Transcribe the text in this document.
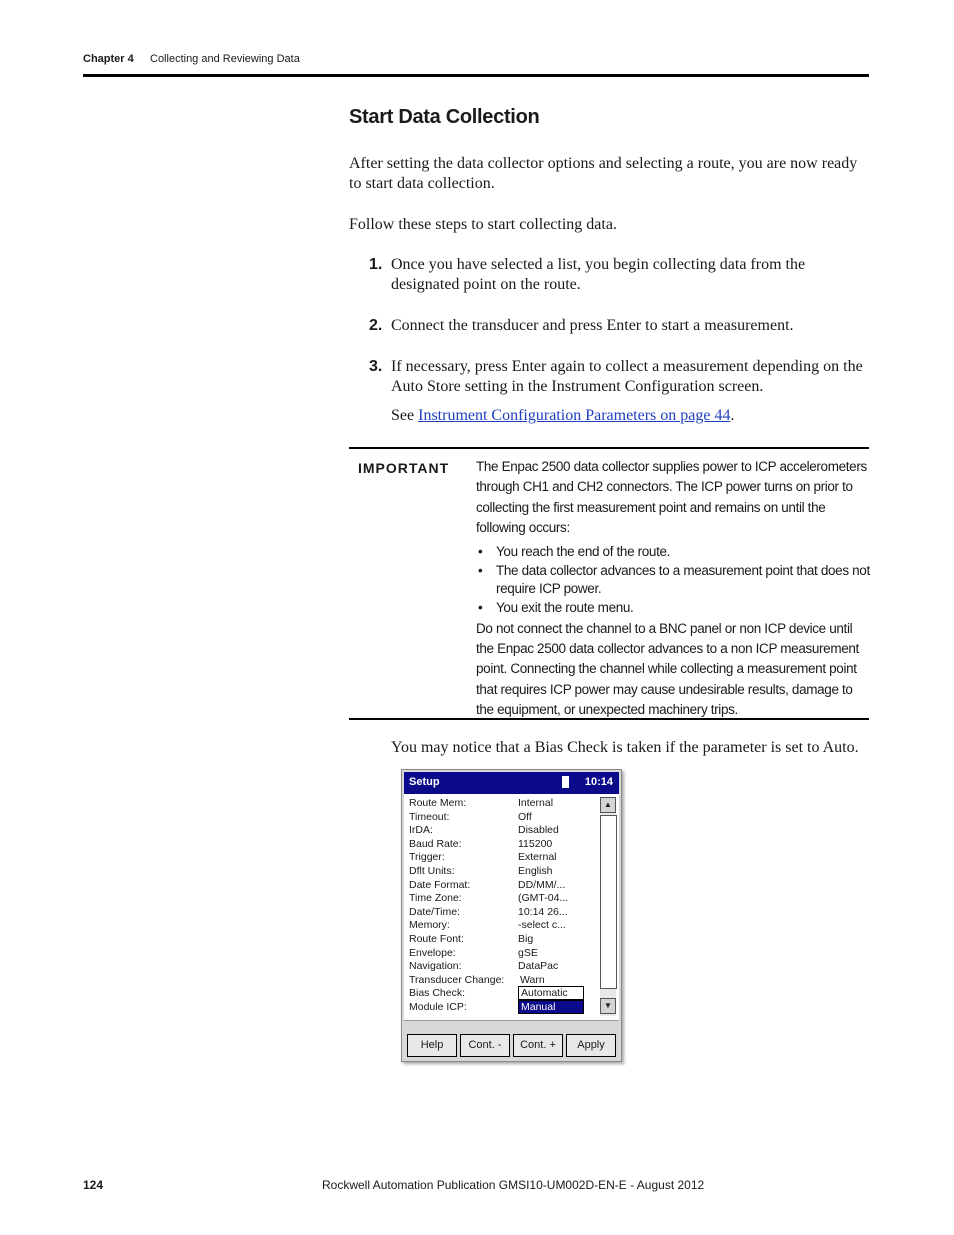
Chapter 4 Collecting and Reviewing Data
Start Data Collection

After setting the data collector options and selecting a route, you are now ready to start data collection.

Follow these steps to start collecting data.

1. Once you have selected a list, you begin collecting data from the designated point on the route.
2. Connect the transducer and press Enter to start a measurement.
3. If necessary, press Enter again to collect a measurement depending on the Auto Store setting in the Instrument Configuration screen.
See Instrument Configuration Parameters on page 44.
IMPORTANT The Enpac 2500 data collector supplies power to ICP accelerometers through CH1 and CH2 connectors. The ICP power turns on prior to collecting the first measurement point and remains on until the following occurs:

• You reach the end of the route.
• The data collector advances to a measurement point that does not require ICP power.
• You exit the route menu.

Do not connect the channel to a BNC panel or non ICP device until the Enpac 2500 data collector advances to a non ICP measurement point. Connecting the channel while collecting a measurement point that requires ICP power may cause undesirable results, damage to the equipment, or unexpected machinery trips.

You may notice that a Bias Check is taken if the parameter is set to Auto.

Setup	10:14
Route Mem:	Internal
Timeout:	Off
IrDA:	Disabled
Baud Rate:	115200
Trigger:	External
Dflt Units:	English
Date Format:	DD/MM/...
Time Zone:	(GMT-04...
Date/Time:	10:14 26...
Memory:	-select c...
Route Font:	Big
Envelope:	gSE
Navigation:	DataPac
Transducer Change: Warn
Bias Check:	Automatic
Module ICP:	Manual
▲
▼
Help	Cont. -	Cont. +	Apply
124	Rockwell Automation Publication GMSI10-UM002D-EN-E - August 2012
